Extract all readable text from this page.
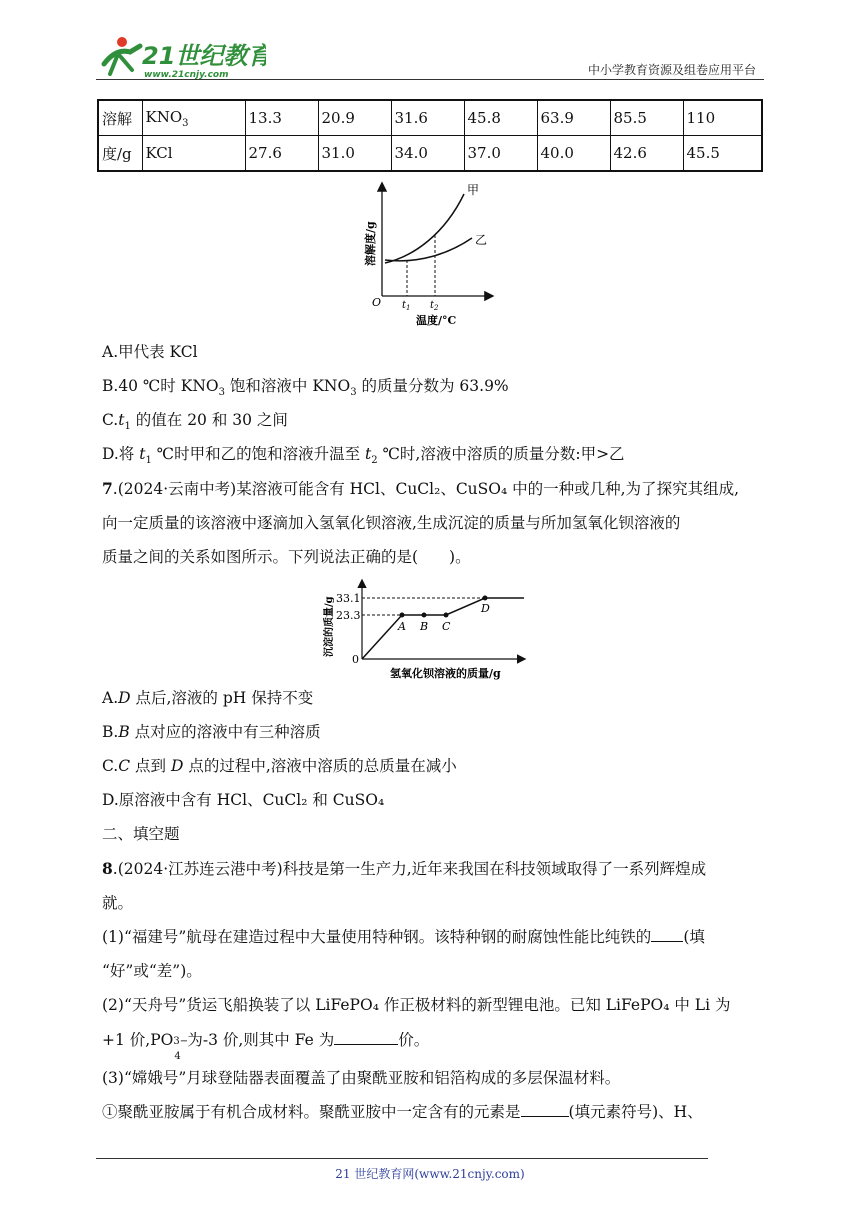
21世纪教育
www.21cnjy.com	中小学教育资源及组卷应用平台
溶解	$KNO_3$	13.3	20.9	31.6	45.8	63.9	85.5	110
度/g	KCl	27.6	31.0	34.0	37.0	40.0	42.6	45.5
甲
乙
O $t_1$ $t_2$
温度/°C
溶解度/g
A.甲代表 KCl
B.40 ℃时 $KNO_3$ 饱和溶液中 $KNO_3$ 的质量分数为 63.9%
$C.t_1$ 的值在 20 和 30 之间
D.将 $t_1$ ℃时甲和乙的饱和溶液升温至 $t_2$ ℃时,溶液中溶质的质量分数:甲>乙
7.(2024·云南中考)某溶液可能含有 HCl、CuCl₂、CuSO₄ 中的一种或几种,为了探究其组成,
向一定质量的该溶液中逐滴加入氢氧化钡溶液,生成沉淀的质量与所加氢氧化钡溶液的
质量之间的关系如图所示。下列说法正确的是(　　)。
A B C
D
33.1
23.3
0
氢氧化钡溶液的质量/g
沉淀的质量/g
A.D 点后,溶液的 pH 保持不变
B.B 点对应的溶液中有三种溶质
C.C 点到 D 点的过程中,溶液中溶质的总质量在减小
D.原溶液中含有 HCl、CuCl₂ 和 CuSO₄
二、填空题
8.(2024·江苏连云港中考)科技是第一生产力,近年来我国在科技领域取得了一系列辉煌成
就。
(1)“福建号”航母在建造过程中大量使用特种钢。该特种钢的耐腐蚀性能比纯铁的 (填
“好”或“差”)。
(2)“天舟号”货运飞船换装了以 LiFePO₄ 作正极材料的新型锂电池。已知 LiFePO₄ 中 Li 为
+1 价,PO 3−
4
为-3 价,则其中 Fe 为	价。
(3)“嫦娥号”月球登陆器表面覆盖了由聚酰亚胺和铝箔构成的多层保温材料。
①聚酰亚胺属于有机合成材料。聚酰亚胺中一定含有的元素是	(填元素符号)、H、
21 世纪教育网(www.21cnjy.com)
